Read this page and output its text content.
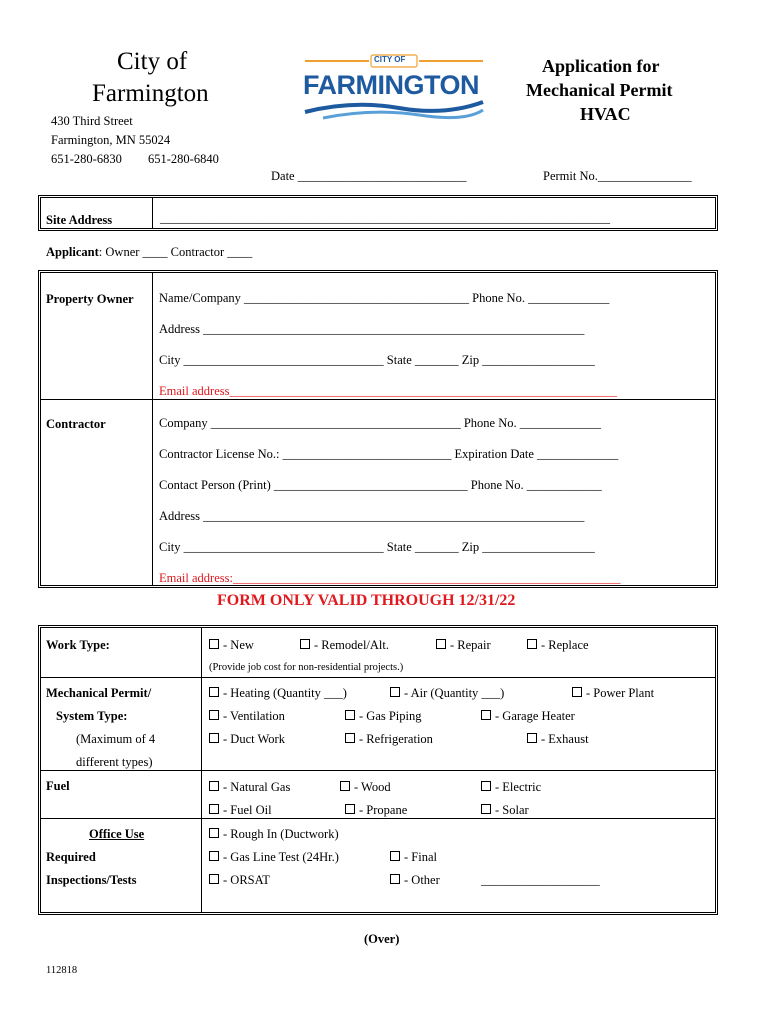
City of
Farmington
430 Third Street
Farmington, MN 55024
651-280-6830 651-280-6840
CITY OF
FARMINGTON
Application for
Mechanical Permit
HVAC
Date ___________________________	Permit No._______________
Site Address	________________________________________________________________________
Applicant: Owner ____ Contractor ____
Property Owner Name/Company ____________________________________ Phone No. _____________
Address _____________________________________________________________
City ________________________________ State _______ Zip __________________
Email address______________________________________________________________
Contractor	Company ________________________________________ Phone No. _____________
Contractor License No.: ___________________________ Expiration Date _____________
Contact Person (Print) _______________________________ Phone No. ____________
Address _____________________________________________________________
City ________________________________ State _______ Zip __________________
Email address:______________________________________________________________
FORM ONLY VALID THROUGH 12/31/22
Work Type:	- New	- Remodel/Alt.	- Repair	- Replace
(Provide job cost for non-residential projects.)
Mechanical Permit/
System Type:
(Maximum of 4
different types)
- Heating (Quantity ___)	- Air (Quantity ___)	- Power Plant
- Ventilation	- Gas Piping	- Garage Heater
- Duct Work	- Refrigeration	- Exhaust
Fuel	- Natural Gas	- Wood	- Electric
- Fuel Oil	- Propane	- Solar
Office Use
Required
Inspections/Tests
- Rough In (Ductwork)
- Gas Line Test (24Hr.)	- Final
- ORSAT	- Other	___________________
(Over)
112818
